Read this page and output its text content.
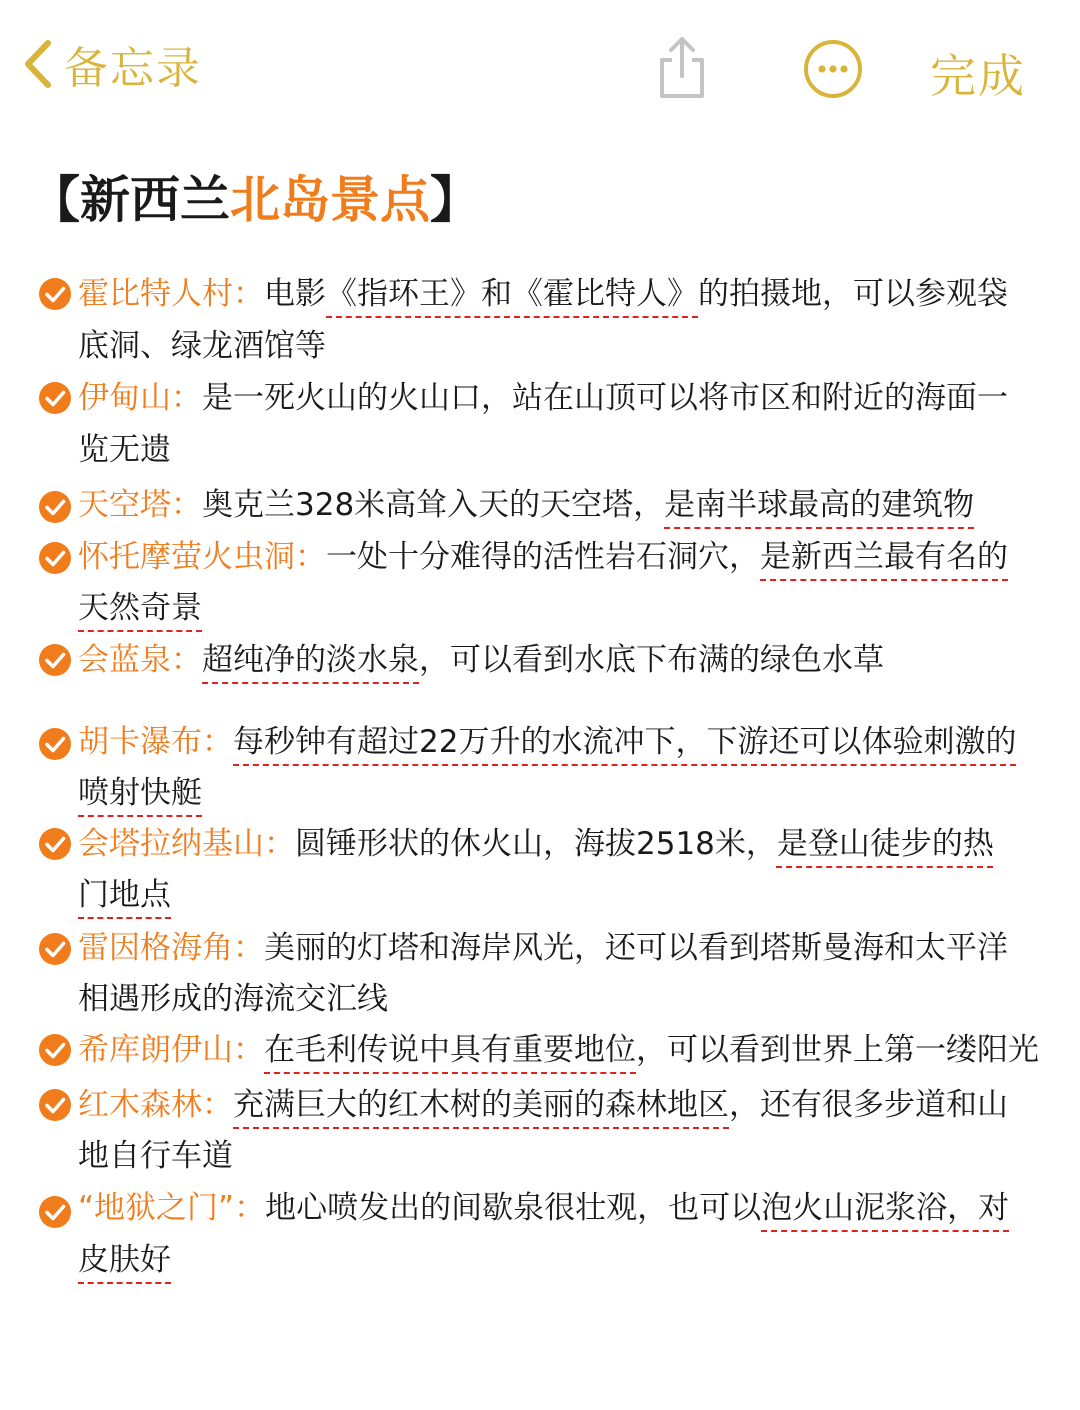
备忘录	完成
【新西兰北岛景点】
霍比特人村：电影《指环王》和《霍比特人》的拍摄地，可以参观袋
底洞、绿龙酒馆等
伊甸山：是一死火山的火山口，站在山顶可以将市区和附近的海面一
览无遗
天空塔：奥克兰328米高耸入天的天空塔，是南半球最高的建筑物
怀托摩萤火虫洞：一处十分难得的活性岩石洞穴，是新西兰最有名的
天然奇景
会蓝泉：超纯净的淡水泉，可以看到水底下布满的绿色水草
胡卡瀑布：每秒钟有超过22万升的水流冲下，下游还可以体验刺激的
喷射快艇
会塔拉纳基山：圆锤形状的休火山，海拔2518米，是登山徒步的热
门地点
雷因格海角：美丽的灯塔和海岸风光，还可以看到塔斯曼海和太平洋
相遇形成的海流交汇线
希库朗伊山：在毛利传说中具有重要地位，可以看到世界上第一缕阳光
红木森林：充满巨大的红木树的美丽的森林地区，还有很多步道和山
地自行车道
“地狱之门”：地心喷发出的间歇泉很壮观，也可以泡火山泥浆浴，对
皮肤好
